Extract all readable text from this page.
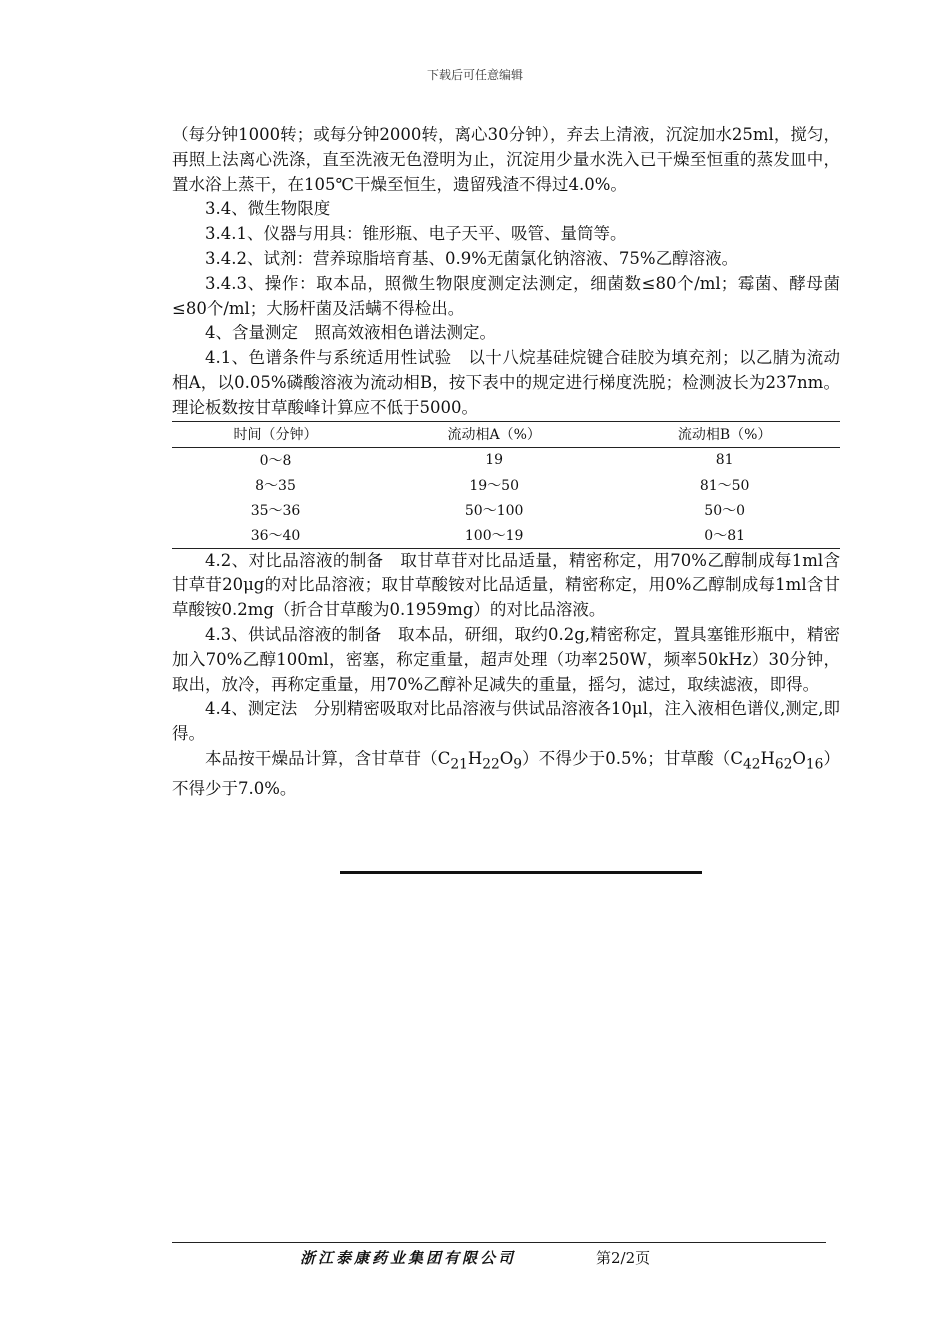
下载后可任意编辑

（每分钟1000转；或每分钟2000转，离心30分钟），弃去上清液，沉淀加水25ml，搅匀，再照上法离心洗涤，直至洗液无色澄明为止，沉淀用少量水洗入已干燥至恒重的蒸发皿中，置水浴上蒸干，在105℃干燥至恒生，遗留残渣不得过4.0%。

3.4、微生物限度

3.4.1、仪器与用具：锥形瓶、电子天平、吸管、量筒等。

3.4.2、试剂：营养琼脂培育基、0.9%无菌氯化钠溶液、75%乙醇溶液。

3.4.3、操作：取本品，照微生物限度测定法测定，细菌数≤80个/ml；霉菌、酵母菌≤80个/ml；大肠杆菌及活螨不得检出。

4、含量测定　照高效液相色谱法测定。

4.1、色谱条件与系统适用性试验　以十八烷基硅烷键合硅胶为填充剂；以乙腈为流动相A，以0.05%磷酸溶液为流动相B，按下表中的规定进行梯度洗脱；检测波长为237nm。理论板数按甘草酸峰计算应不低于5000。

时间（分钟）	流动相A（%）	流动相B（%）
0～8	19	81
8～35	19～50	81～50
35～36	50～100	50～0
36～40	100～19	0～81

4.2、对比品溶液的制备　取甘草苷对比品适量，精密称定，用70%乙醇制成每1ml含甘草苷20μg的对比品溶液；取甘草酸铵对比品适量，精密称定，用0%乙醇制成每1ml含甘草酸铵0.2mg（折合甘草酸为0.1959mg）的对比品溶液。

4.3、供试品溶液的制备　取本品，研细，取约0.2g,精密称定，置具塞锥形瓶中，精密加入70%乙醇100ml，密塞，称定重量，超声处理（功率250W，频率50kHz）30分钟，取出，放冷，再称定重量，用70%乙醇补足减失的重量，摇匀，滤过，取续滤液，即得。

4.4、测定法　分别精密吸取对比品溶液与供试品溶液各10μl，注入液相色谱仪,测定,即得。

本品按干燥品计算，含甘草苷$(C_{21}H_{22}O_9)$不得少于0.5%；甘草酸$(C_{42}H_{62}O_{16})$不得少于7.0%。

浙江泰康药业集团有限公司	第2/2页
